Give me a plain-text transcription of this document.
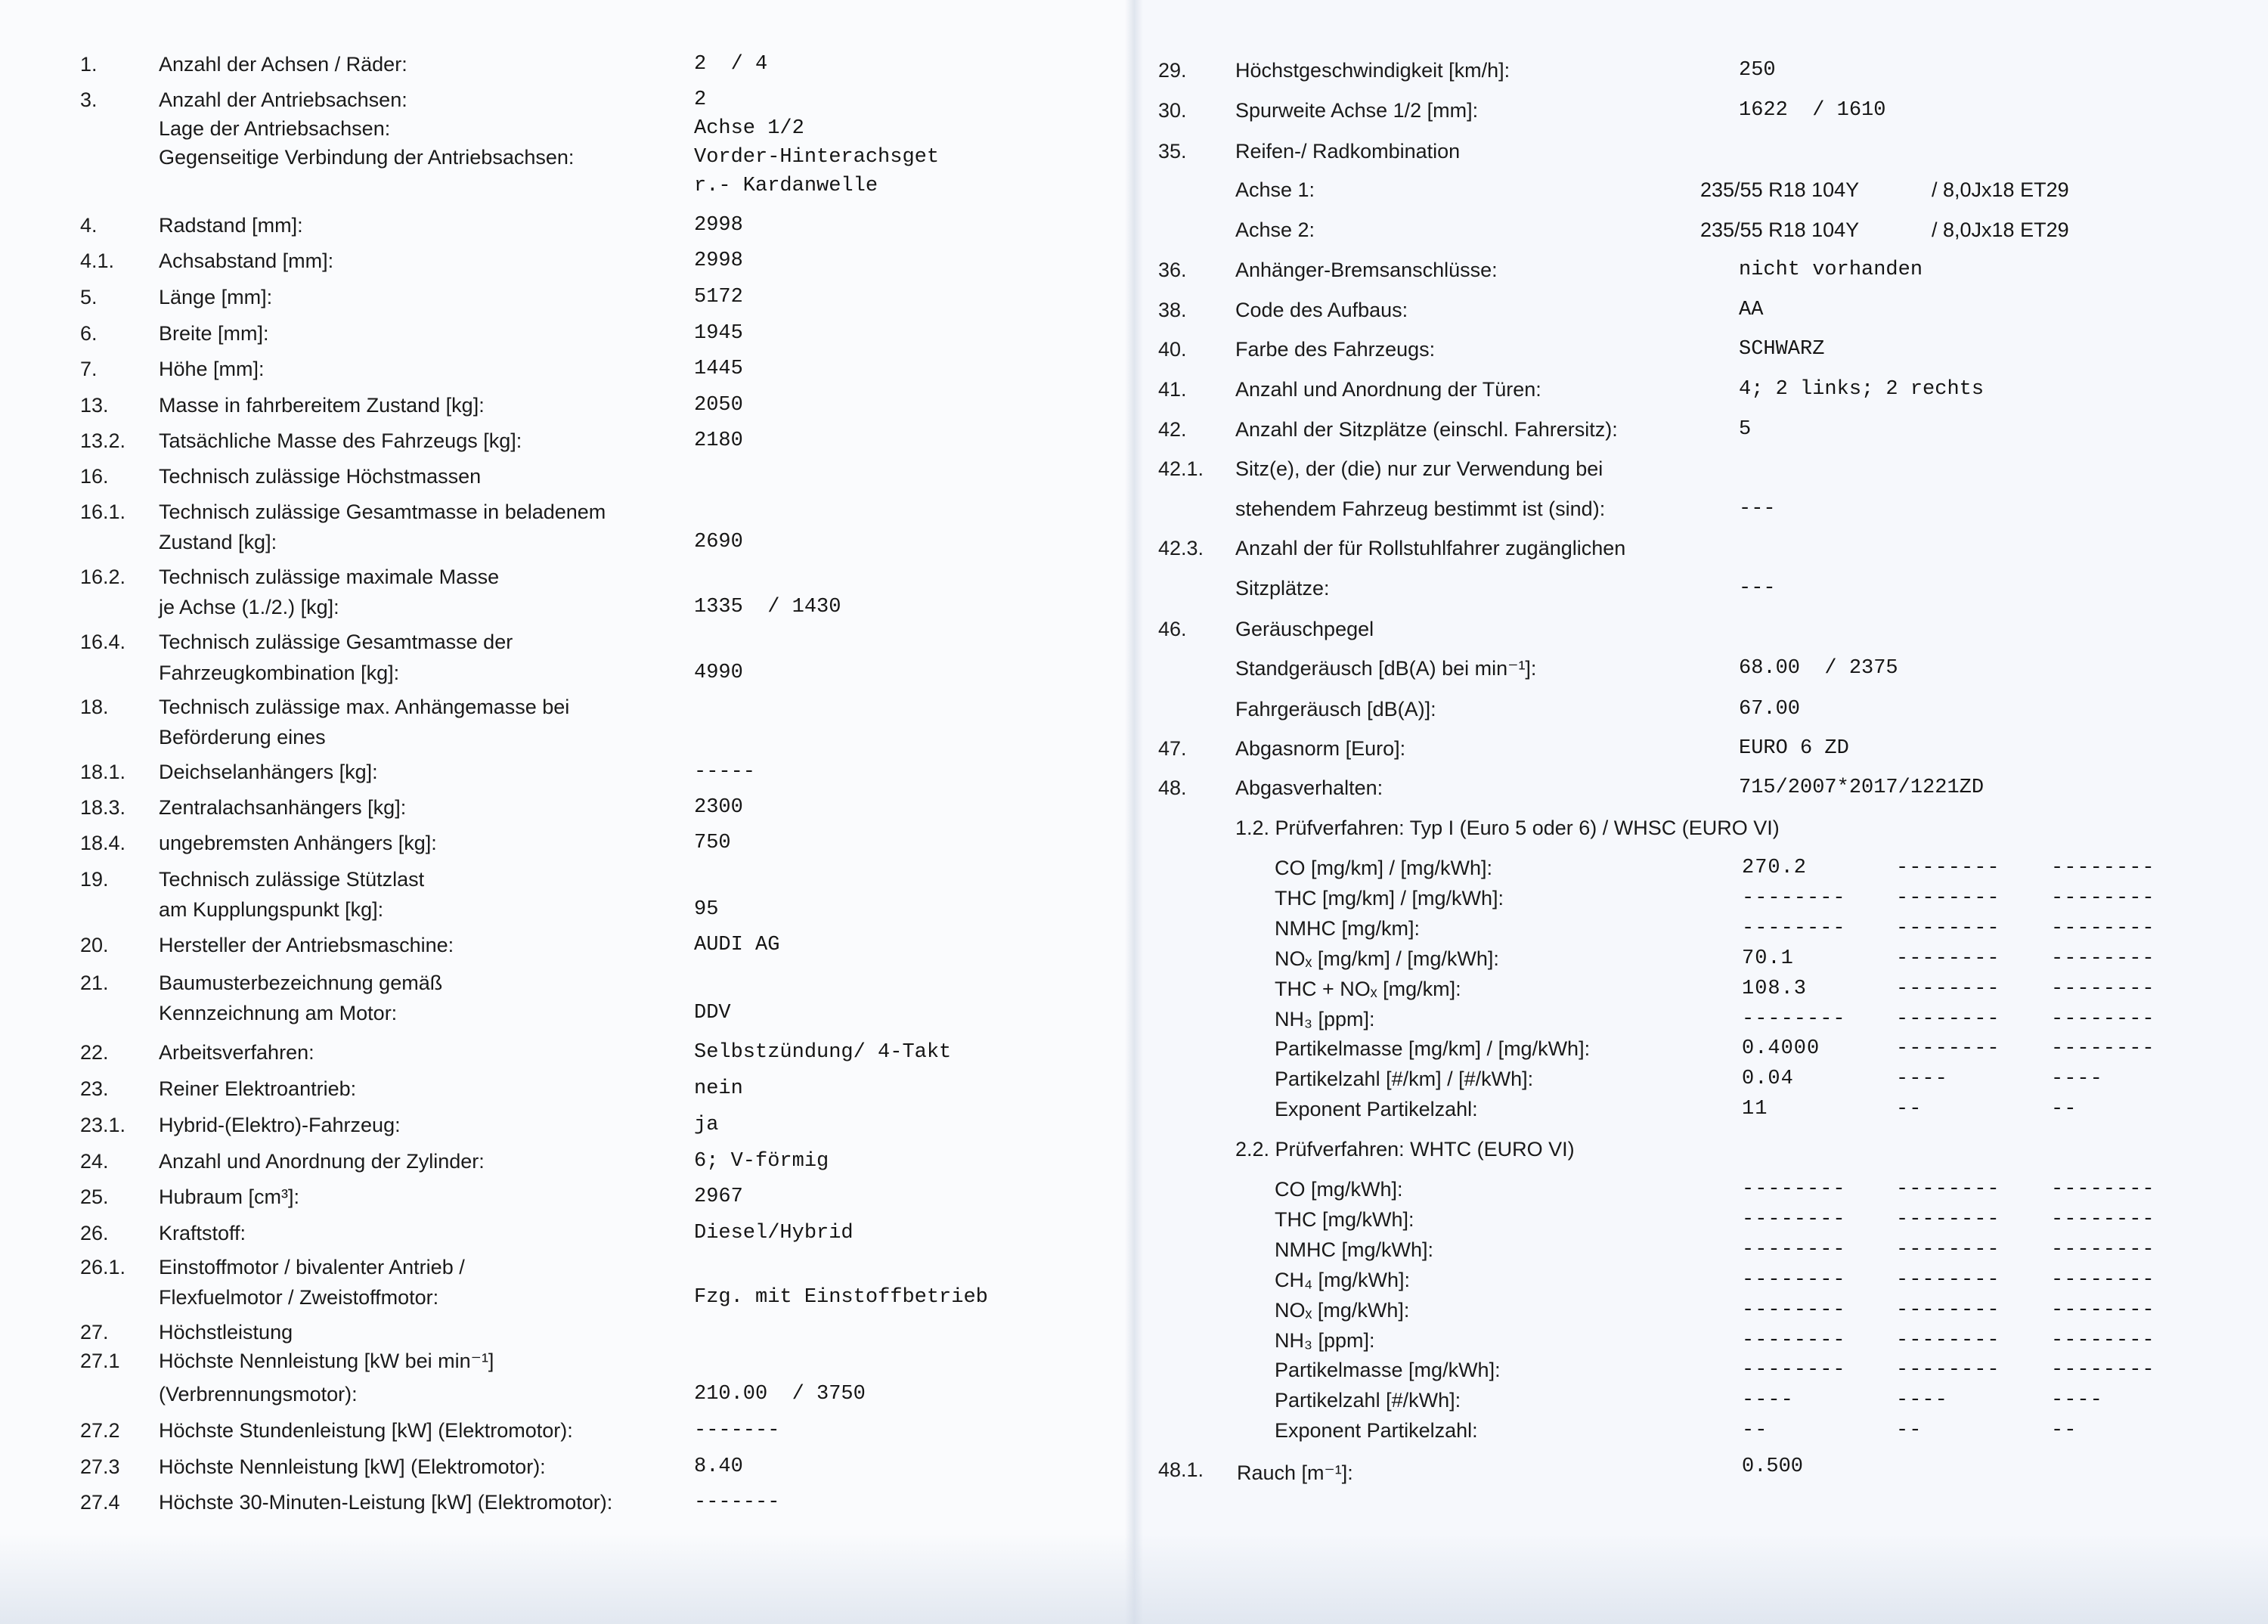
1.	Anzahl der Achsen / Räder:	2  / 4
3.	Anzahl der Antriebsachsen:	2
Lage der Antriebsachsen:	Achse 1/2
Gegenseitige Verbindung der Antriebsachsen:	Vorder-Hinterachsget
r.- Kardanwelle
4.	Radstand [mm]:	2998
4.1. Achsabstand [mm]:	2998
5.	Länge [mm]:	5172
6.	Breite [mm]:	1945
7.	Höhe [mm]:	1445
13. Masse in fahrbereitem Zustand [kg]:	2050
13.2. Tatsächliche Masse des Fahrzeugs [kg]:	2180
16. Technisch zulässige Höchstmassen
16.1. Technisch zulässige Gesamtmasse in beladenem
Zustand [kg]:	2690
16.2. Technisch zulässige maximale Masse
je Achse (1./2.) [kg]:	1335  / 1430
16.4. Technisch zulässige Gesamtmasse der
Fahrzeugkombination [kg]:	4990
18. Technisch zulässige max. Anhängemasse bei
Beförderung eines
18.1. Deichselanhängers [kg]:	-----
18.3. Zentralachsanhängers [kg]:	2300
18.4. ungebremsten Anhängers [kg]:	750
19. Technisch zulässige Stützlast
am Kupplungspunkt [kg]:	95
20. Hersteller der Antriebsmaschine:	AUDI AG
21. Baumusterbezeichnung gemäß
Kennzeichnung am Motor:	DDV
22. Arbeitsverfahren:	Selbstzündung/ 4-Takt
23. Reiner Elektroantrieb:	nein
23.1. Hybrid-(Elektro)-Fahrzeug:	ja
24. Anzahl und Anordnung der Zylinder:	6; V-förmig
25. Hubraum [cm³]:	2967
26. Kraftstoff:	Diesel/Hybrid
26.1. Einstoffmotor / bivalenter Antrieb /
Flexfuelmotor / Zweistoffmotor:	Fzg. mit Einstoffbetrieb
27. Höchstleistung
27.1 Höchste Nennleistung [kW bei min⁻¹]
(Verbrennungsmotor):	210.00  / 3750
27.2 Höchste Stundenleistung [kW] (Elektromotor):	-------
27.3 Höchste Nennleistung [kW] (Elektromotor):	8.40
27.4 Höchste 30-Minuten-Leistung [kW] (Elektromotor):	-------
29. Höchstgeschwindigkeit [km/h]:	250
30. Spurweite Achse 1/2 [mm]:	1622  / 1610
35. Reifen-/ Radkombination
Achse 1:	235/55 R18 104Y	/ 8,0Jx18 ET29
Achse 2:	235/55 R18 104Y	/ 8,0Jx18 ET29
36. Anhänger-Bremsanschlüsse:	nicht vorhanden
38. Code des Aufbaus:	AA
40. Farbe des Fahrzeugs:	SCHWARZ
41. Anzahl und Anordnung der Türen:	4; 2 links; 2 rechts
42. Anzahl der Sitzplätze (einschl. Fahrersitz):	5
42.1. Sitz(e), der (die) nur zur Verwendung bei
stehendem Fahrzeug bestimmt ist (sind):	---
42.3. Anzahl der für Rollstuhlfahrer zugänglichen
Sitzplätze:	---
46. Geräuschpegel
Standgeräusch [dB(A) bei min⁻¹]:	68.00  / 2375
Fahrgeräusch [dB(A)]:	67.00
47. Abgasnorm [Euro]:	EURO 6 ZD
48. Abgasverhalten:	715/2007*2017/1221ZD
1.2. Prüfverfahren: Typ I (Euro 5 oder 6) / WHSC (EURO VI)
CO [mg/km] / [mg/kWh]:	270.2	-------- --------
THC [mg/km] / [mg/kWh]:	-------- -------- --------
NMHC [mg/km]:	-------- -------- --------
NOₓ [mg/km] / [mg/kWh]:	70.1	-------- --------
THC + NOₓ [mg/km]:	108.3	-------- --------
NH₃ [ppm]:	-------- -------- --------
Partikelmasse [mg/km] / [mg/kWh]:	0.4000	-------- --------
Partikelzahl [#/km] / [#/kWh]:	0.04	----	----
Exponent Partikelzahl:	11	--	--
2.2. Prüfverfahren: WHTC (EURO VI)
CO [mg/kWh]:	-------- -------- --------
THC [mg/kWh]:	-------- -------- --------
NMHC [mg/kWh]:	-------- -------- --------
CH₄ [mg/kWh]:	-------- -------- --------
NOₓ [mg/kWh]:	-------- -------- --------
NH₃ [ppm]:	-------- -------- --------
Partikelmasse [mg/kWh]:	-------- -------- --------
Partikelzahl [#/kWh]:	----	----	----
Exponent Partikelzahl:	--	--	--
48.1. Rauch [m⁻¹]:	0.500
